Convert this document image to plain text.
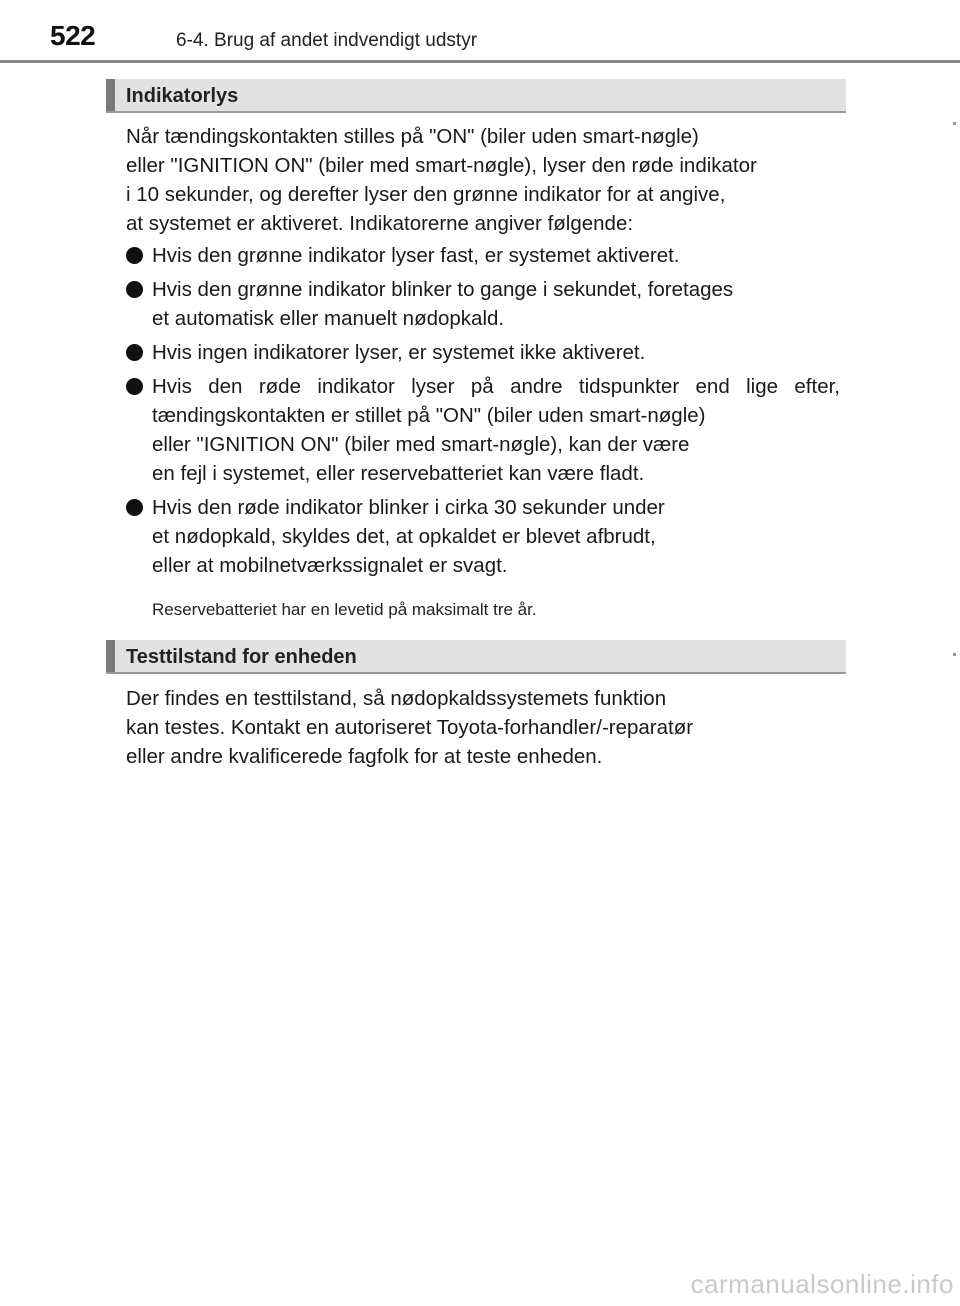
522	6-4. Brug af andet indvendigt udstyr
Indikatorlys
Når tændingskontakten stilles på "ON" (biler uden smart-nøgle)
eller "IGNITION ON" (biler med smart-nøgle), lyser den røde indikator
i 10 sekunder, og derefter lyser den grønne indikator for at angive,
at systemet er aktiveret. Indikatorerne angiver følgende:
Hvis den grønne indikator lyser fast, er systemet aktiveret.
Hvis den grønne indikator blinker to gange i sekundet, foretages
et automatisk eller manuelt nødopkald.
Hvis ingen indikatorer lyser, er systemet ikke aktiveret.
Hvis den røde indikator lyser på andre tidspunkter end lige efter,
tændingskontakten er stillet på "ON" (biler uden smart-nøgle)
eller "IGNITION ON" (biler med smart-nøgle), kan der være
en fejl i systemet, eller reservebatteriet kan være fladt.
Hvis den røde indikator blinker i cirka 30 sekunder under
et nødopkald, skyldes det, at opkaldet er blevet afbrudt,
eller at mobilnetværkssignalet er svagt.
Reservebatteriet har en levetid på maksimalt tre år.
Testtilstand for enheden
Der findes en testtilstand, så nødopkaldssystemets funktion
kan testes. Kontakt en autoriseret Toyota-forhandler/-reparatør
eller andre kvalificerede fagfolk for at teste enheden.
carmanualsonline.info
